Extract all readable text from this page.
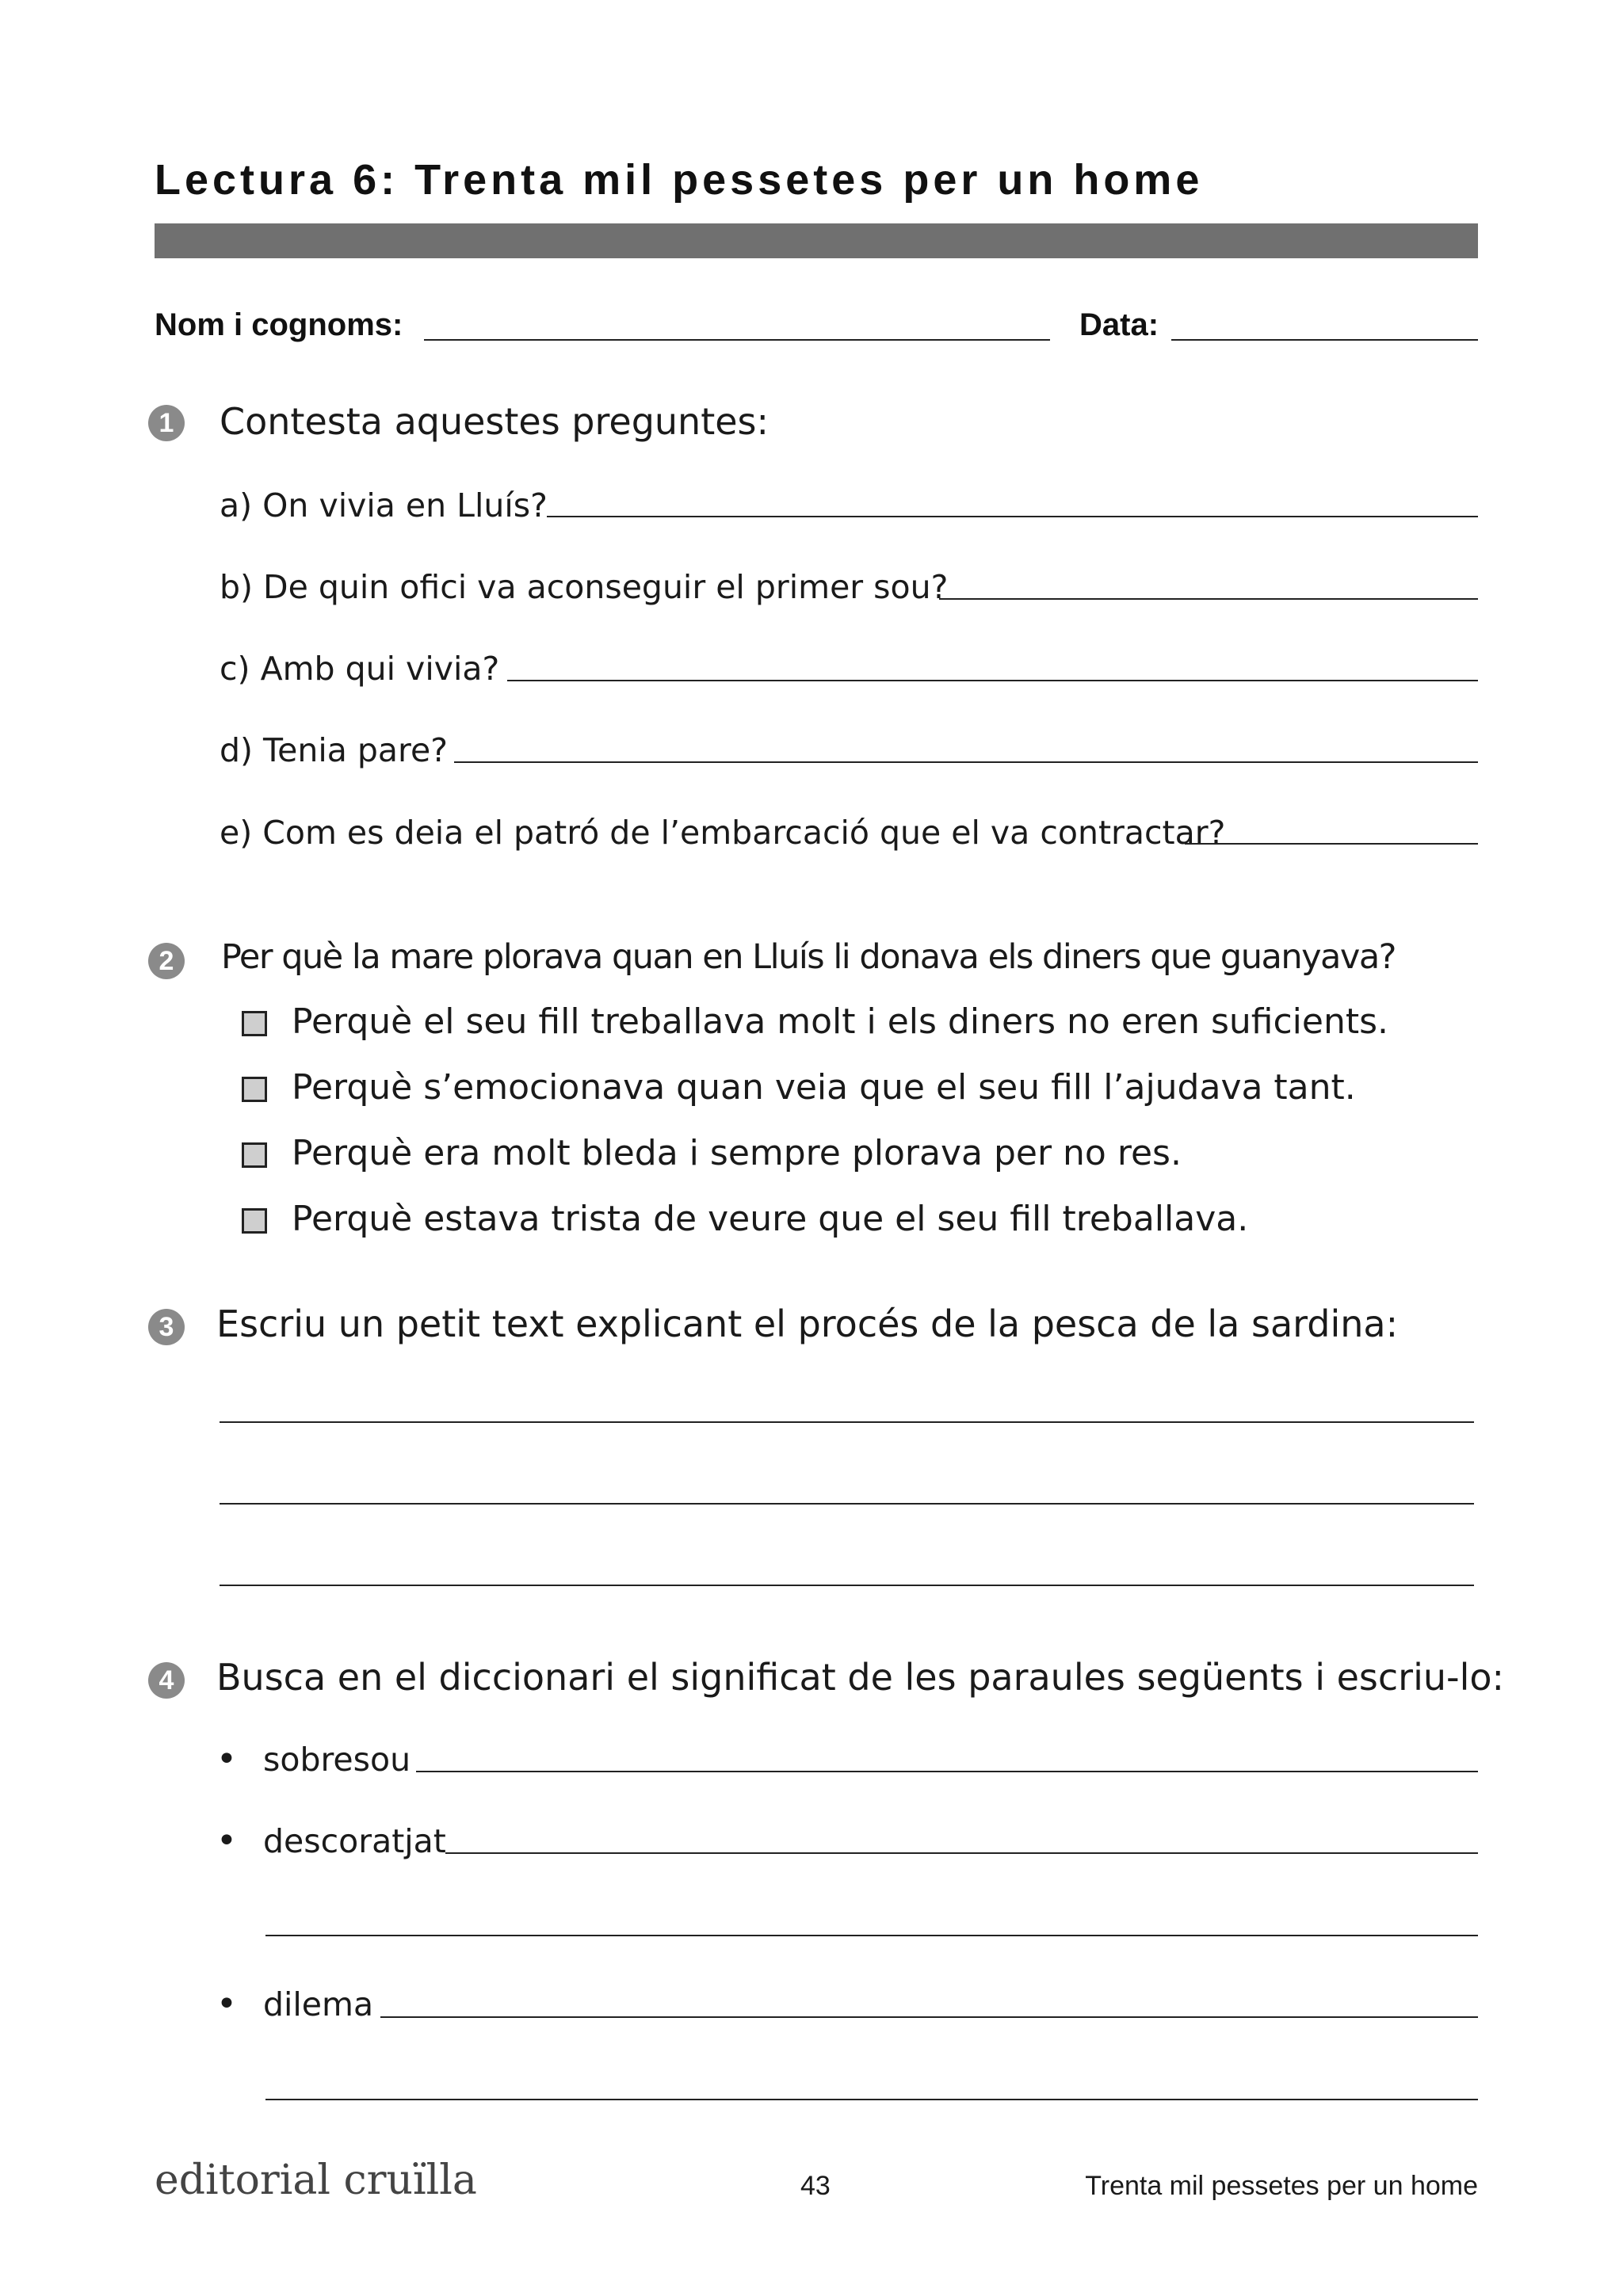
Lectura 6: Trenta mil pessetes per un home
Nom i cognoms:	Data:
1 Contesta aquestes preguntes:
a) On vivia en Lluís?
b) De quin ofici va aconseguir el primer sou?
c) Amb qui vivia?
d) Tenia pare?
e) Com es deia el patró de l’embarcació que el va contractar?
2	Per què la mare plorava quan en Lluís li donava els diners que guanyava?
Perquè el seu fill treballava molt i els diners no eren suficients.
Perquè s’emocionava quan veia que el seu fill l’ajudava tant.
Perquè era molt bleda i sempre plorava per no res.
Perquè estava trista de veure que el seu fill treballava.
3 Escriu un petit text explicant el procés de la pesca de la sardina:
4 Busca en el diccionari el significat de les paraules següents i escriu-lo:
• sobresou
• descoratjat
• dilema
editorial cruïlla	43	Trenta mil pessetes per un home
